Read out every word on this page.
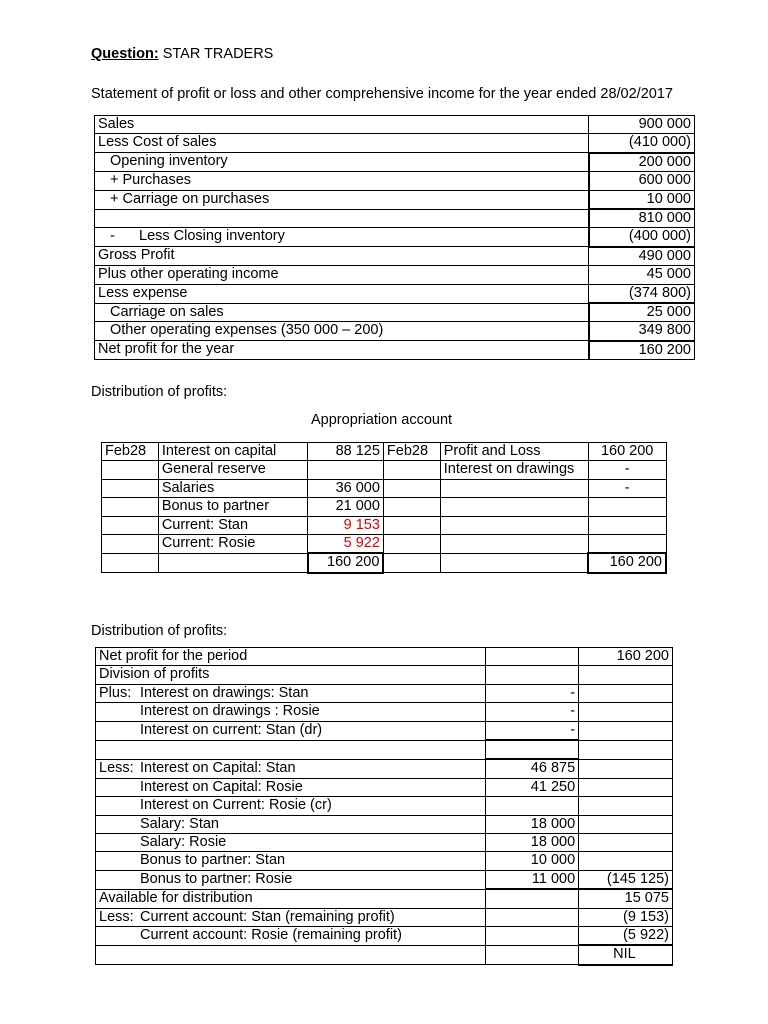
Question: STAR TRADERS
Statement of profit or loss and other comprehensive income for the year ended 28/02/2017
Sales	900 000
Less Cost of sales	(410 000)
Opening inventory	200 000
+ Purchases	600 000
+ Carriage on purchases	10 000
	810 000
-      Less Closing inventory	(400 000)
Gross Profit	490 000
Plus other operating income	45 000
Less expense	(374 800)
Carriage on sales	25 000
Other operating expenses (350 000 – 200)	349 800
Net profit for the year	160 200
Distribution of profits:
Appropriation account
Feb28	Interest on capital	88 125	Feb28	Profit and Loss	160 200
	General reserve			Interest on drawings	-
	Salaries	36 000			-
	Bonus to partner	21 000			
	Current: Stan	9 153			
	Current: Rosie	5 922			
		160 200			160 200
Distribution of profits:
Net profit for the period		160 200
Division of profits		
Plus: Interest on drawings: Stan	-	
Interest on drawings : Rosie	-	
Interest on current: Stan (dr)	-	

Less: Interest on Capital: Stan	46 875	
Interest on Capital: Rosie	41 250	
Interest on Current: Rosie (cr)		
Salary: Stan	18 000	
Salary: Rosie	18 000	
Bonus to partner: Stan	10 000	
Bonus to partner: Rosie	11 000	(145 125)
Available for distribution		15 075
Less: Current account: Stan (remaining profit)		(9 153)
Current account: Rosie (remaining profit)		(5 922)
		NIL
